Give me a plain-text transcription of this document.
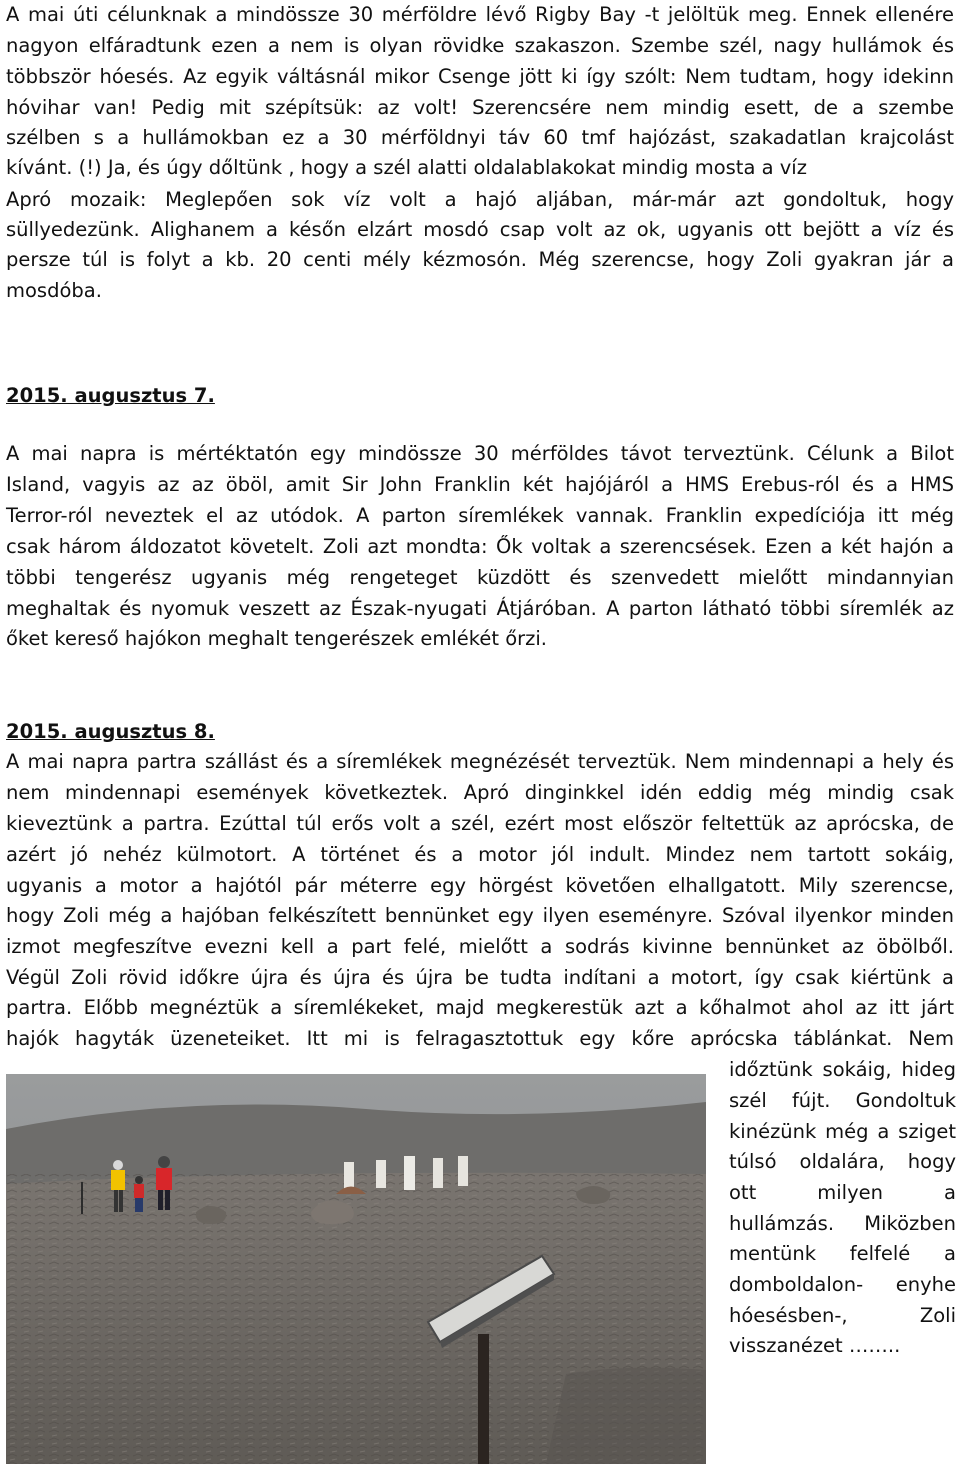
A mai úti célunknak a mindössze 30 mérföldre lévő Rigby Bay -t jelöltük meg. Ennek ellenére
nagyon elfáradtunk ezen a nem is olyan rövidke szakaszon. Szembe szél, nagy hullámok és
többször hóesés. Az egyik váltásnál mikor Csenge jött ki így szólt: Nem tudtam, hogy idekinn
hóvihar van! Pedig mit szépítsük: az volt! Szerencsére nem mindig esett, de a szembe
szélben s a hullámokban ez a 30 mérföldnyi táv 60 tmf hajózást, szakadatlan krajcolást
kívánt. (!) Ja, és úgy dőltünk , hogy a szél alatti oldalablakokat mindig mosta a víz
Apró mozaik: Meglepően sok víz volt a hajó aljában, már-már azt gondoltuk, hogy
süllyedezünk. Alighanem a későn elzárt mosdó csap volt az ok, ugyanis ott bejött a víz és
persze túl is folyt a kb. 20 centi mély kézmosón. Még szerencse, hogy Zoli gyakran jár a
mosdóba.
2015. augusztus 7.
A mai napra is mértéktatón egy mindössze 30 mérföldes távot terveztünk. Célunk a Bilot
Island, vagyis az az öböl, amit Sir John Franklin két hajójáról a HMS Erebus-ról és a HMS
Terror-ról neveztek el az utódok. A parton síremlékek vannak. Franklin expedíciója itt még
csak három áldozatot követelt. Zoli azt mondta: Ők voltak a szerencsések. Ezen a két hajón a
többi tengerész ugyanis még rengeteget küzdött és szenvedett mielőtt mindannyian
meghaltak és nyomuk veszett az Észak-nyugati Átjáróban. A parton látható többi síremlék az
őket kereső hajókon meghalt tengerészek emlékét őrzi.
2015. augusztus 8.
A mai napra partra szállást és a síremlékek megnézését terveztük. Nem mindennapi a hely és
nem mindennapi események következtek. Apró dinginkkel idén eddig még mindig csak
kieveztünk a partra. Ezúttal túl erős volt a szél, ezért most először feltettük az aprócska, de
azért jó nehéz külmotort. A történet és a motor jól indult. Mindez nem tartott sokáig,
ugyanis a motor a hajótól pár méterre egy hörgést követően elhallgatott. Mily szerencse,
hogy Zoli még a hajóban felkészített bennünket egy ilyen eseményre. Szóval ilyenkor minden
izmot megfeszítve evezni kell a part felé, mielőtt a sodrás kivinne bennünket az öbölből.
Végül Zoli rövid időkre újra és újra és újra be tudta indítani a motort, így csak kiértünk a
partra. Előbb megnéztük a síremlékeket, majd megkerestük azt a kőhalmot ahol az itt járt
hajók hagyták üzeneteiket. Itt mi is felragasztottuk egy kőre aprócska táblánkat. Nem
időztünk sokáig, hideg
szél fújt. Gondoltuk
kinézünk még a sziget
túlsó oldalára, hogy
ott milyen a
hullámzás. Miközben
mentünk felfelé a
domboldalon- enyhe
hóesésben-, Zoli
visszanézet ……..
